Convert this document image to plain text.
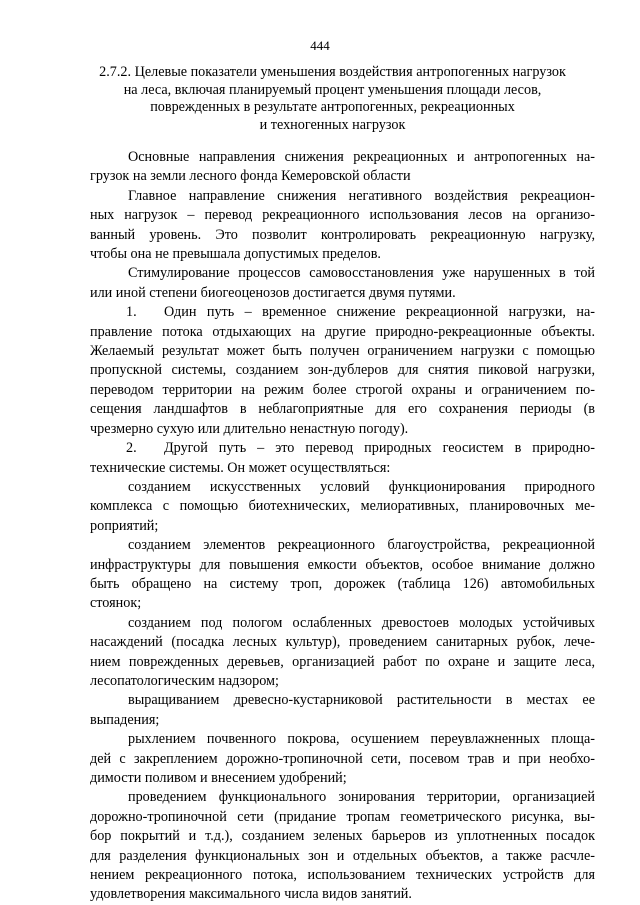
444
2.7.2. Целевые показатели уменьшения воздействия антропогенных нагрузок
на леса, включая планируемый процент уменьшения площади лесов,
поврежденных в результате антропогенных, рекреационных
и техногенных нагрузок
Основные направления снижения рекреационных и антропогенных на-
грузок на земли лесного фонда Кемеровской области
Главное направление снижения негативного воздействия рекреацион-
ных нагрузок – перевод рекреационного использования лесов на организо-
ванный уровень. Это позволит контролировать рекреационную нагрузку,
чтобы она не превышала допустимых пределов.
Стимулирование процессов самовосстановления уже нарушенных в той
или иной степени биогеоценозов достигается двумя путями.
1.	Один путь – временное снижение рекреационной нагрузки, на-
правление потока отдыхающих на другие природно-рекреационные объекты.
Желаемый результат может быть получен ограничением нагрузки с помощью
пропускной системы, созданием зон-дублеров для снятия пиковой нагрузки,
переводом территории на режим более строгой охраны и ограничением по-
сещения ландшафтов в неблагоприятные для его сохранения периоды (в
чрезмерно сухую или длительно ненастную погоду).
2.	Другой путь – это перевод природных геосистем в природно-
технические системы. Он может осуществляться:
созданием искусственных условий функционирования природного
комплекса с помощью биотехнических, мелиоративных, планировочных ме-
роприятий;
созданием элементов рекреационного благоустройства, рекреационной
инфраструктуры для повышения емкости объектов, особое внимание должно
быть обращено на систему троп, дорожек (таблица 126) автомобильных
стоянок;
созданием под пологом ослабленных древостоев молодых устойчивых
насаждений (посадка лесных культур), проведением санитарных рубок, лече-
нием поврежденных деревьев, организацией работ по охране и защите леса,
лесопатологическим надзором;
выращиванием древесно-кустарниковой растительности в местах ее
выпадения;
рыхлением почвенного покрова, осушением переувлажненных площа-
дей с закреплением дорожно-тропиночной сети, посевом трав и при необхо-
димости поливом и внесением удобрений;
проведением функционального зонирования территории, организацией
дорожно-тропиночной сети (придание тропам геометрического рисунка, вы-
бор покрытий и т.д.), созданием зеленых барьеров из уплотненных посадок
для разделения функциональных зон и отдельных объектов, а также расчле-
нением рекреационного потока, использованием технических устройств для
удовлетворения максимального числа видов занятий.
